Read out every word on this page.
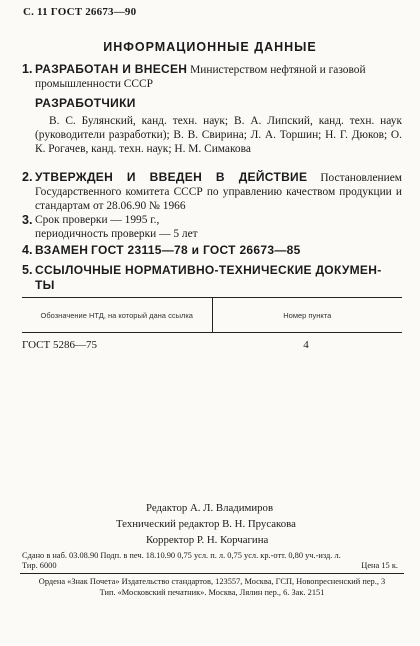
С. 11 ГОСТ 26673—90
ИНФОРМАЦИОННЫЕ ДАННЫЕ
1. РАЗРАБОТАН И ВНЕСЕН Министерством нефтяной и газовой
промышленности СССР
РАЗРАБОТЧИКИ
В. С. Булянский, канд. техн. наук; В. А. Липский, канд. техн. наук (руководители разработки); В. В. Свирина; Л. А. Торшин; Н. Г. Дюков; О. К. Рогачев, канд. техн. наук; Н. М. Симакова
2. УТВЕРЖДЕН И ВВЕДЕН В ДЕЙСТВИЕ Постановлением Государственного комитета СССР по управлению качеством продукции и стандартам от 28.06.90 № 1966
3. Срок проверки — 1995 г.,
периодичность проверки — 5 лет
4. ВЗАМЕН ГОСТ 23115—78 и ГОСТ 26673—85
5. ССЫЛОЧНЫЕ НОРМАТИВНО-ТЕХНИЧЕСКИЕ ДОКУМЕН-
ТЫ
Обозначение НТД, на который дана ссылка	Номер пункта
ГОСТ 5286—75	4
Редактор А. Л. Владимиров
Технический редактор В. Н. Прусакова
Корректор Р. Н. Корчагина
Сдано в наб. 03.08.90 Подп. в печ. 18.10.90 0,75 усл. п. л. 0,75 усл. кр.-отт. 0,80 уч.-изд. л.
Тир. 6000	Цена 15 к.
Ордена «Знак Почета» Издательство стандартов, 123557, Москва, ГСП, Новопресненский пер., 3
Тип. «Московский печатник». Москва, Лялин пер., 6. Зак. 2151
